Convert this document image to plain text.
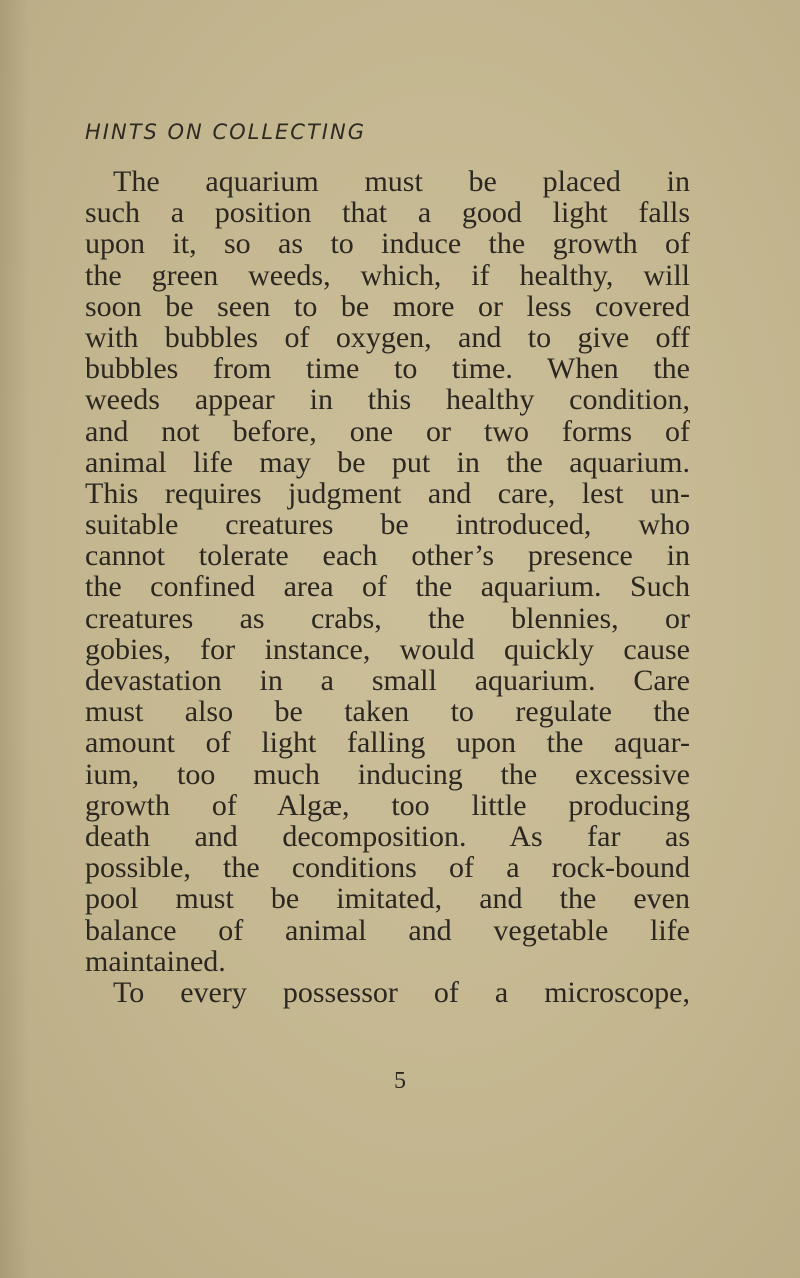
HINTS ON COLLECTING
The aquarium must be placed in
such a position that a good light falls
upon it, so as to induce the growth of
the green weeds, which, if healthy, will
soon be seen to be more or less covered
with bubbles of oxygen, and to give off
bubbles from time to time. When the
weeds appear in this healthy condition,
and not before, one or two forms of
animal life may be put in the aquarium.
This requires judgment and care, lest un-
suitable creatures be introduced, who
cannot tolerate each other’s presence in
the confined area of the aquarium. Such
creatures as crabs, the blennies, or
gobies, for instance, would quickly cause
devastation in a small aquarium. Care
must also be taken to regulate the
amount of light falling upon the aquar-
ium, too much inducing the excessive
growth of Algæ, too little producing
death and decomposition. As far as
possible, the conditions of a rock-bound
pool must be imitated, and the even
balance of animal and vegetable life
maintained.
To every possessor of a microscope,
5
